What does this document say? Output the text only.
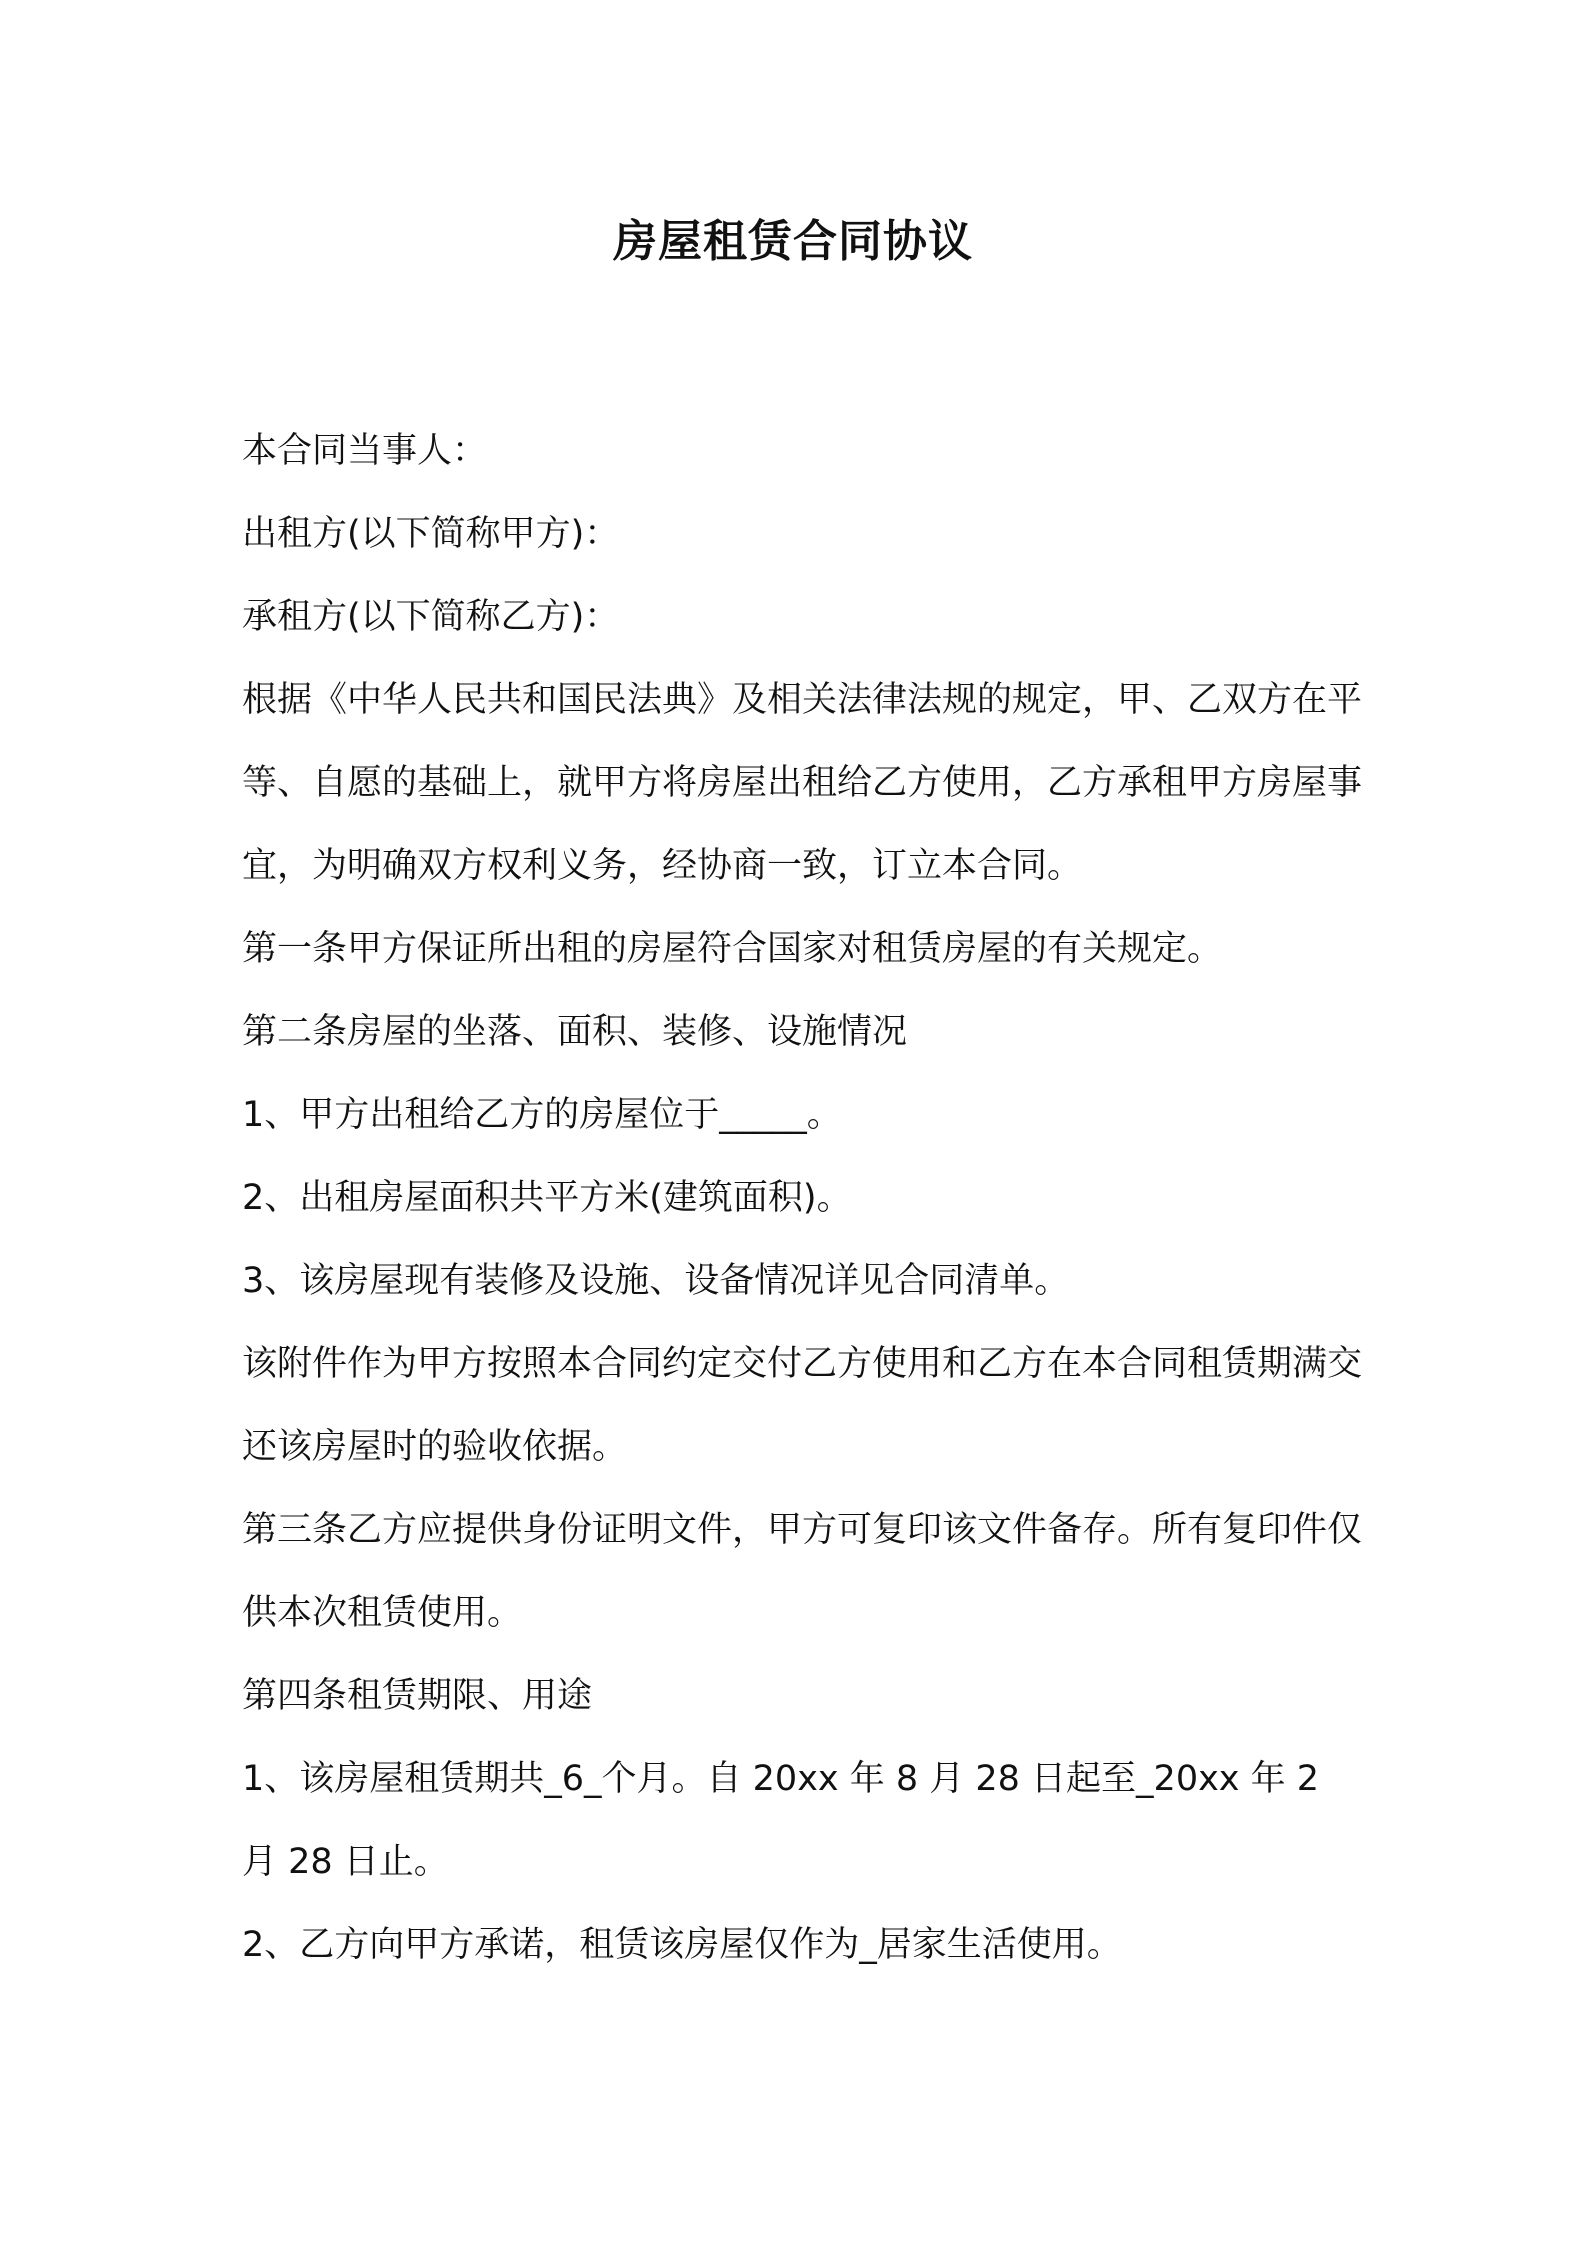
房屋租赁合同协议

本合同当事人：

出租方(以下简称甲方)：

承租方(以下简称乙方)：

根据《中华人民共和国民法典》及相关法律法规的规定，甲、乙双方在平等、自愿的基础上，就甲方将房屋出租给乙方使用，乙方承租甲方房屋事宜，为明确双方权利义务，经协商一致，订立本合同。

第一条甲方保证所出租的房屋符合国家对租赁房屋的有关规定。

第二条房屋的坐落、面积、装修、设施情况

1、甲方出租给乙方的房屋位于_____。

2、出租房屋面积共平方米(建筑面积)。

3、该房屋现有装修及设施、设备情况详见合同清单。

该附件作为甲方按照本合同约定交付乙方使用和乙方在本合同租赁期满交还该房屋时的验收依据。

第三条乙方应提供身份证明文件，甲方可复印该文件备存。所有复印件仅供本次租赁使用。

第四条租赁期限、用途

1、该房屋租赁期共_6_个月。自 20xx 年 8 月 28 日起至_20xx 年 2 月 28 日止。

2、乙方向甲方承诺，租赁该房屋仅作为_居家生活使用。
